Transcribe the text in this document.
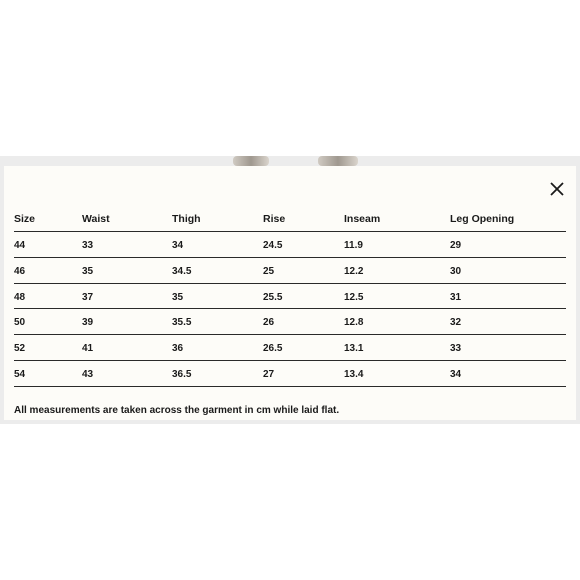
Size	Waist	Thigh	Rise	Inseam	Leg Opening
44	33	34	24.5	11.9	29
46	35	34.5	25	12.2	30
48	37	35	25.5	12.5	31
50	39	35.5	26	12.8	32
52	41	36	26.5	13.1	33
54	43	36.5	27	13.4	34
All measurements are taken across the garment in cm while laid flat.
